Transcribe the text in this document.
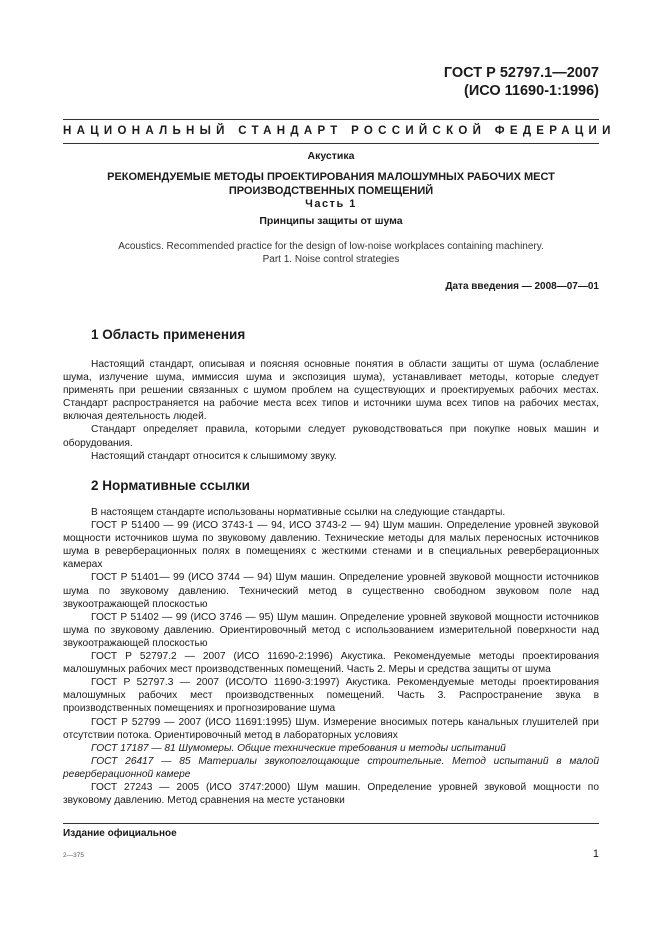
ГОСТ Р 52797.1—2007
(ИСО 11690-1:1996)
НАЦИОНАЛЬНЫЙ СТАНДАРТ РОССИЙСКОЙ ФЕДЕРАЦИИ
Акустика
РЕКОМЕНДУЕМЫЕ МЕТОДЫ ПРОЕКТИРОВАНИЯ МАЛОШУМНЫХ РАБОЧИХ МЕСТ
ПРОИЗВОДСТВЕННЫХ ПОМЕЩЕНИЙ
Часть 1
Принципы защиты от шума
Acoustics. Recommended practice for the design of low-noise workplaces containing machinery.
Part 1. Noise control strategies
Дата введения — 2008—07—01
1 Область применения

Настоящий стандарт, описывая и поясняя основные понятия в области защиты от шума (ослабление шума, излучение шума, иммиссия шума и экспозиция шума), устанавливает методы, которые следует применять при решении связанных с шумом проблем на существующих и проектируемых рабочих местах. Стандарт распространяется на рабочие места всех типов и источники шума всех типов на рабочих местах, включая деятельность людей.

Стандарт определяет правила, которыми следует руководствоваться при покупке новых машин и оборудования.

Настоящий стандарт относится к слышимому звуку.

2 Нормативные ссылки

В настоящем стандарте использованы нормативные ссылки на следующие стандарты.

ГОСТ Р 51400 — 99 (ИСО 3743-1 — 94, ИСО 3743-2 — 94) Шум машин. Определение уровней звуковой мощности источников шума по звуковому давлению. Технические методы для малых переносных источников шума в реверберационных полях в помещениях с жесткими стенами и в специальных реверберационных камерах

ГОСТ Р 51401— 99 (ИСО 3744 — 94) Шум машин. Определение уровней звуковой мощности источников шума по звуковому давлению. Технический метод в существенно свободном звуковом поле над звукоотражающей плоскостью

ГОСТ Р 51402 — 99 (ИСО 3746 — 95) Шум машин. Определение уровней звуковой мощности источников шума по звуковому давлению. Ориентировочный метод с использованием измерительной поверхности над звукоотражающей плоскостью

ГОСТ Р 52797.2 — 2007 (ИСО 11690-2:1996) Акустика. Рекомендуемые методы проектирования малошумных рабочих мест производственных помещений. Часть 2. Меры и средства защиты от шума

ГОСТ Р 52797.3 — 2007 (ИСО/ТО 11690-3:1997) Акустика. Рекомендуемые методы проектирования малошумных рабочих мест производственных помещений. Часть 3. Распространение звука в производственных помещениях и прогнозирование шума

ГОСТ Р 52799 — 2007 (ИСО 11691:1995) Шум. Измерение вносимых потерь канальных глушителей при отсутствии потока. Ориентировочный метод в лабораторных условиях

ГОСТ 17187 — 81 Шумомеры. Общие технические требования и методы испытаний

ГОСТ 26417 — 85 Материалы звукопоглощающие строительные. Метод испытаний в малой реверберационной камере

ГОСТ 27243 — 2005 (ИСО 3747:2000) Шум машин. Определение уровней звуковой мощности по звуковому давлению. Метод сравнения на месте установки

Издание официальное
2—375	1
